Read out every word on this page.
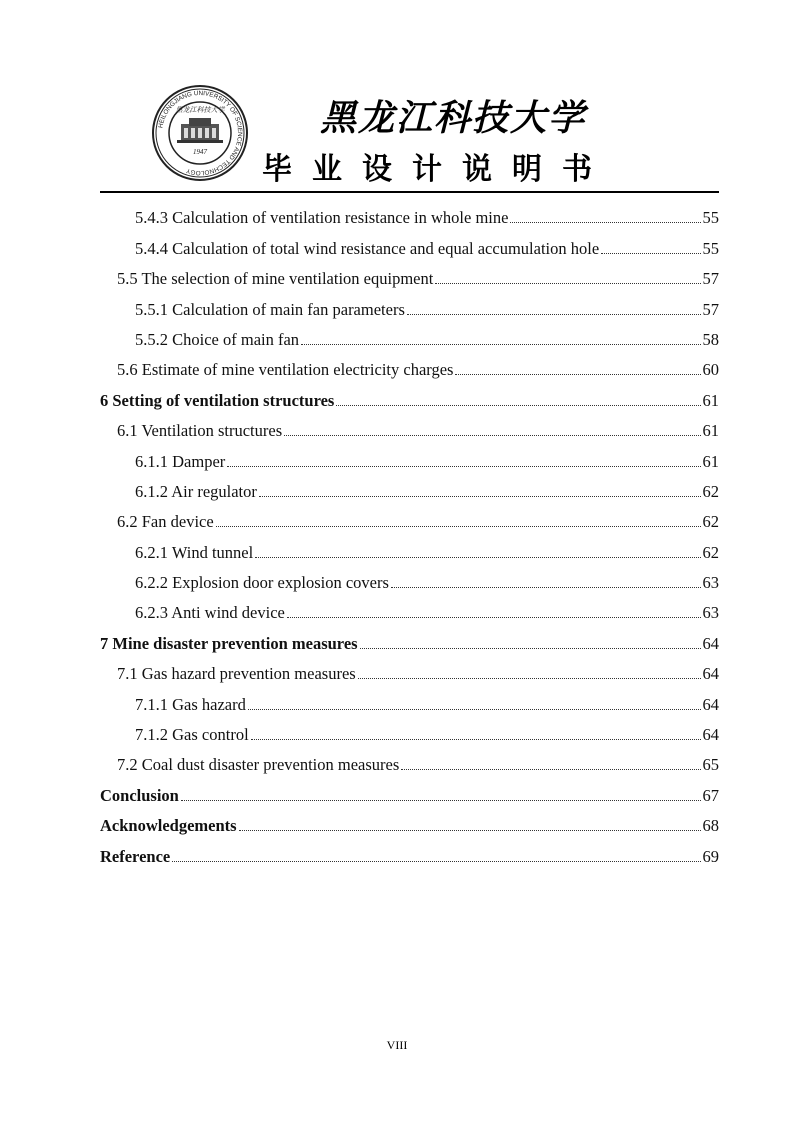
HEILONGJIANG UNIVERSITY OF SCIENCE AND TECHNOLOGY
黑龙江科技大学
1947
黑龙江科技大学
毕业设计说明书
5.4.3 Calculation of ventilation resistance in whole mine	55
5.4.4 Calculation of total wind resistance and equal accumulation hole	55
5.5 The selection of mine ventilation equipment	57
5.5.1 Calculation of main fan parameters	57
5.5.2 Choice of main fan	58
5.6 Estimate of mine ventilation electricity charges	60
6 Setting of ventilation structures	61
6.1 Ventilation structures	61
6.1.1 Damper	61
6.1.2 Air regulator	62
6.2 Fan device	62
6.2.1 Wind tunnel	62
6.2.2 Explosion door explosion covers	63
6.2.3 Anti wind device	63
7 Mine disaster prevention measures	64
7.1 Gas hazard prevention measures	64
7.1.1 Gas hazard	64
7.1.2 Gas control	64
7.2 Coal dust disaster prevention measures	65
Conclusion	67
Acknowledgements	68
Reference	69
VIII
